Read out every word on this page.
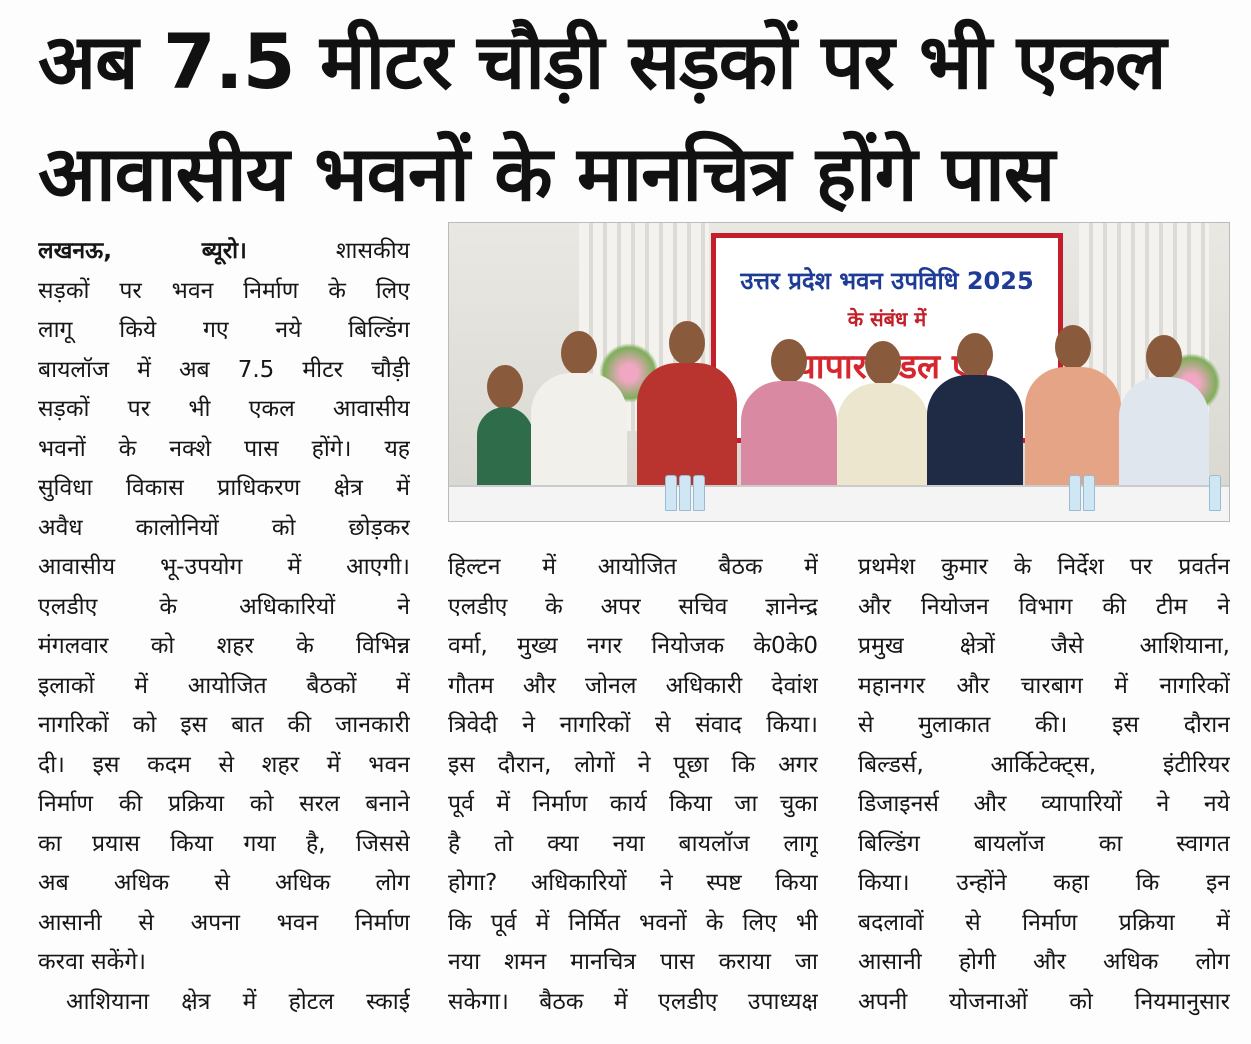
अब 7.5 मीटर चौड़ी सड़कों पर भी एकल
आवासीय भवनों के मानचित्र होंगे पास
उत्तर प्रदेश भवन उपविधि 2025
के संबंध में
व्यापार मंडल
लखनऊ, ब्यूरो।	शासकीय
सड़कों पर भवन निर्माण के लिए
लागू किये गए नये बिल्डिंग
बायलॉज में अब 7.5 मीटर चौड़ी
सड़कों पर भी एकल आवासीय
भवनों के नक्शे पास होंगे। यह
सुविधा विकास प्राधिकरण क्षेत्र में
अवैध कालोनियों को छोड़कर
आवासीय भू-उपयोग में आएगी।
एलडीए के अधिकारियों ने
मंगलवार को शहर के विभिन्न
इलाकों में आयोजित बैठकों में
नागरिकों को इस बात की जानकारी
दी। इस कदम से शहर में भवन
निर्माण की प्रक्रिया को सरल बनाने
का प्रयास किया गया है, जिससे
अब अधिक से अधिक लोग
आसानी से अपना भवन निर्माण
करवा सकेंगे।
आशियाना क्षेत्र में होटल स्काई
हिल्टन में आयोजित बैठक में
एलडीए के अपर सचिव ज्ञानेन्द्र
वर्मा, मुख्य नगर नियोजक के0के0
गौतम और जोनल अधिकारी देवांश
त्रिवेदी ने नागरिकों से संवाद किया।
इस दौरान, लोगों ने पूछा कि अगर
पूर्व में निर्माण कार्य किया जा चुका
है तो क्या नया बायलॉज लागू
होगा? अधिकारियों ने स्पष्ट किया
कि पूर्व में निर्मित भवनों के लिए भी
नया शमन मानचित्र पास कराया जा
सकेगा। बैठक में एलडीए उपाध्यक्ष
प्रथमेश कुमार के निर्देश पर प्रवर्तन
और नियोजन विभाग की टीम ने
प्रमुख क्षेत्रों जैसे आशियाना,
महानगर और चारबाग में नागरिकों
से मुलाकात की। इस दौरान
बिल्डर्स, आर्किटेक्ट्स, इंटीरियर
डिजाइनर्स और व्यापारियों ने नये
बिल्डिंग बायलॉज का स्वागत
किया। उन्होंने कहा कि इन
बदलावों से निर्माण प्रक्रिया में
आसानी होगी और अधिक लोग
अपनी योजनाओं को नियमानुसार
